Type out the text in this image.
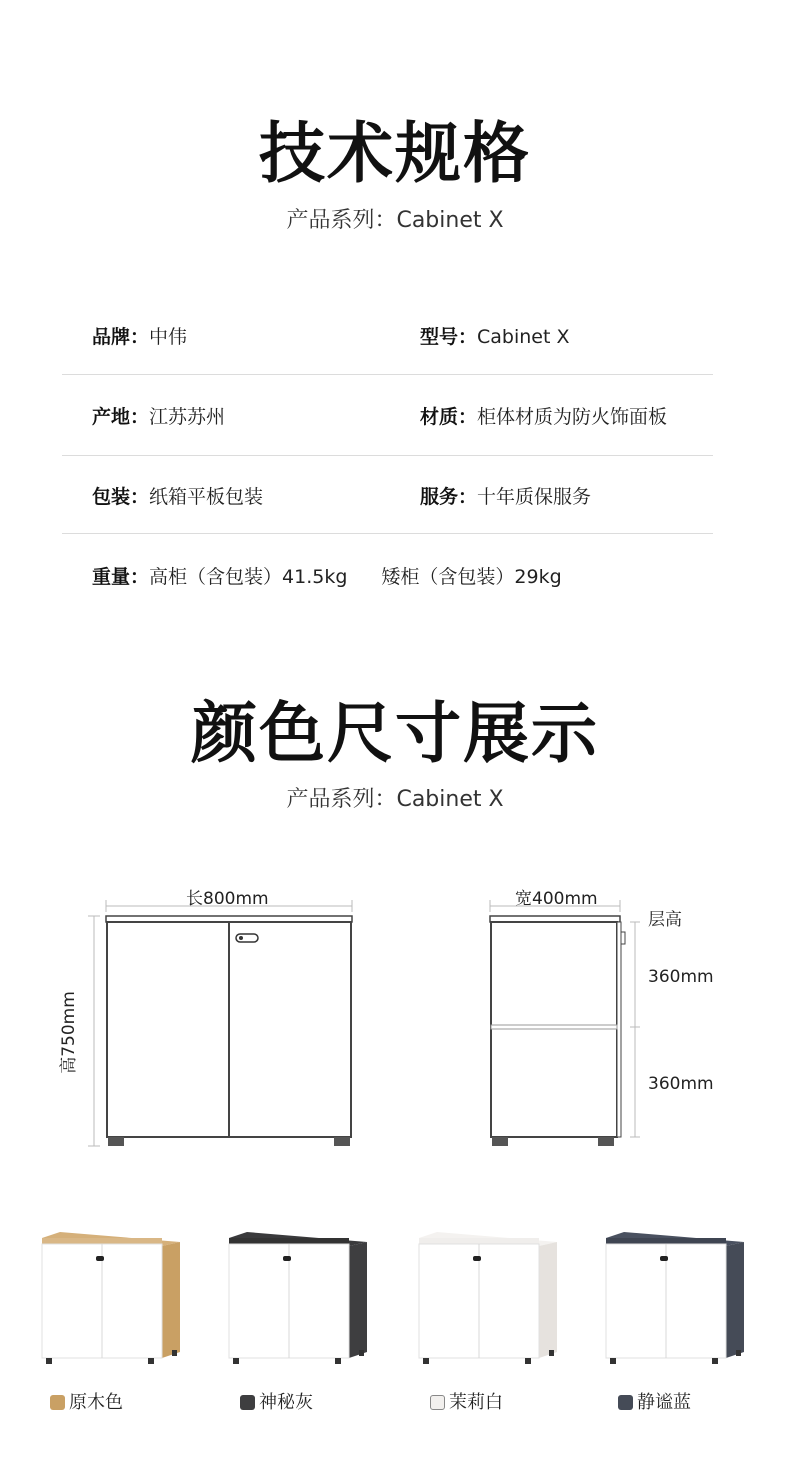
技术规格
产品系列：Cabinet X
品牌：中伟	型号：Cabinet X
产地：江苏苏州	材质：柜体材质为防火饰面板
包装：纸箱平板包装	服务：十年质保服务
重量：高柜（含包装）41.5kg 矮柜（含包装）29kg
颜色尺寸展示
产品系列：Cabinet X
长800mm
高750mm
宽400mm
层高
360mm
360mm
原木色	神秘灰	茉莉白	静谧蓝
